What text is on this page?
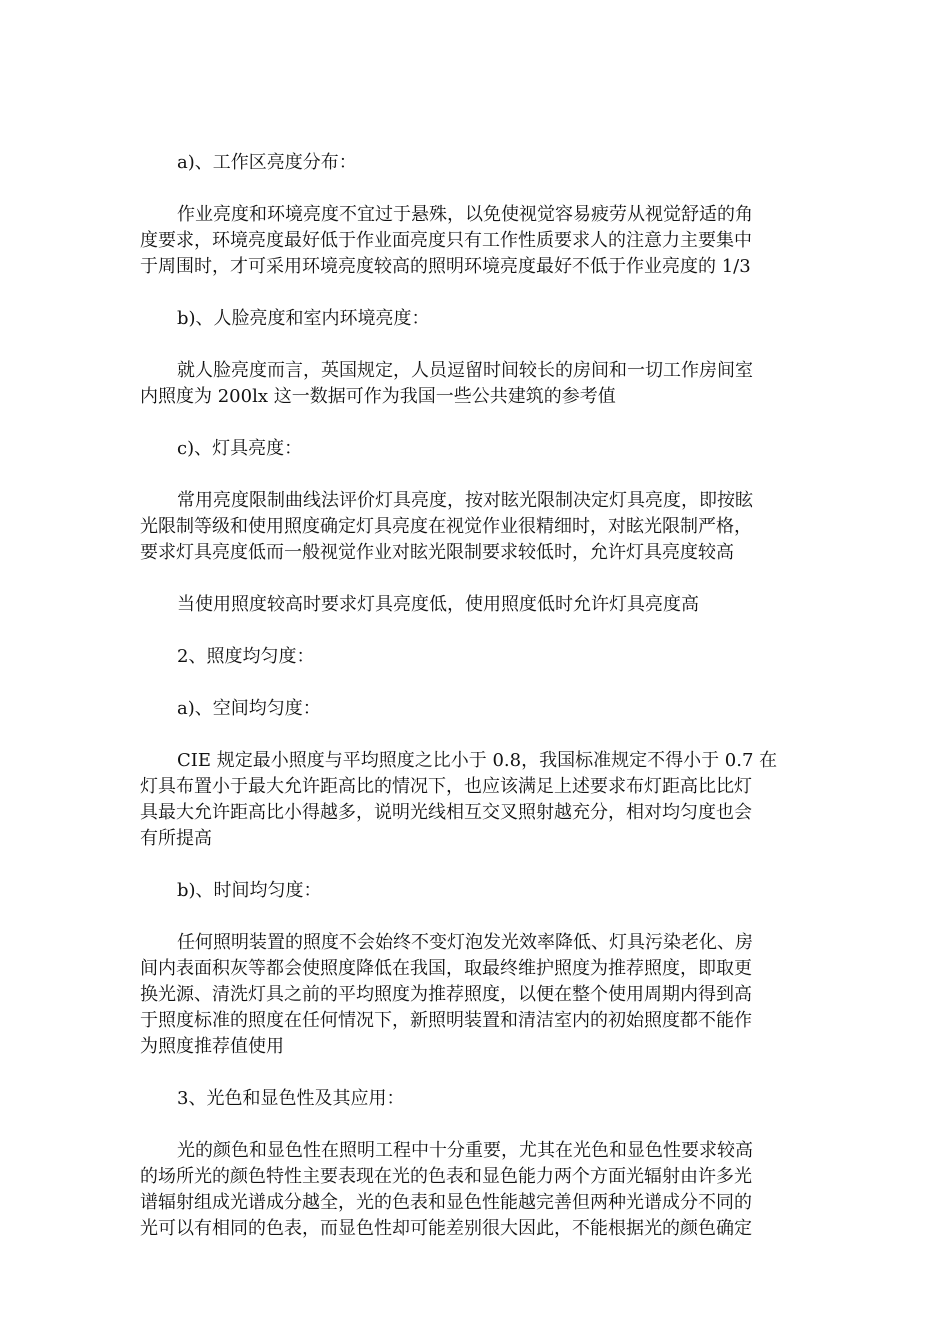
a)、工作区亮度分布：

作业亮度和环境亮度不宜过于悬殊，以免使视觉容易疲劳从视觉舒适的角
度要求，环境亮度最好低于作业面亮度只有工作性质要求人的注意力主要集中
于周围时，才可采用环境亮度较高的照明环境亮度最好不低于作业亮度的 1/3

b)、人脸亮度和室内环境亮度：

就人脸亮度而言，英国规定，人员逗留时间较长的房间和一切工作房间室
内照度为 200lx 这一数据可作为我国一些公共建筑的参考值

c)、灯具亮度：

常用亮度限制曲线法评价灯具亮度，按对眩光限制决定灯具亮度，即按眩
光限制等级和使用照度确定灯具亮度在视觉作业很精细时，对眩光限制严格，
要求灯具亮度低而一般视觉作业对眩光限制要求较低时，允许灯具亮度较高

当使用照度较高时要求灯具亮度低，使用照度低时允许灯具亮度高

2、照度均匀度：

a)、空间均匀度：

CIE 规定最小照度与平均照度之比小于 0.8，我国标准规定不得小于 0.7 在
灯具布置小于最大允许距高比的情况下，也应该满足上述要求布灯距高比比灯
具最大允许距高比小得越多，说明光线相互交叉照射越充分，相对均匀度也会
有所提高

b)、时间均匀度：

任何照明装置的照度不会始终不变灯泡发光效率降低、灯具污染老化、房
间内表面积灰等都会使照度降低在我国，取最终维护照度为推荐照度，即取更
换光源、清洗灯具之前的平均照度为推荐照度，以便在整个使用周期内得到高
于照度标准的照度在任何情况下，新照明装置和清洁室内的初始照度都不能作
为照度推荐值使用

3、光色和显色性及其应用：

光的颜色和显色性在照明工程中十分重要，尤其在光色和显色性要求较高
的场所光的颜色特性主要表现在光的色表和显色能力两个方面光辐射由许多光
谱辐射组成光谱成分越全，光的色表和显色性能越完善但两种光谱成分不同的
光可以有相同的色表，而显色性却可能差别很大因此，不能根据光的颜色确定
